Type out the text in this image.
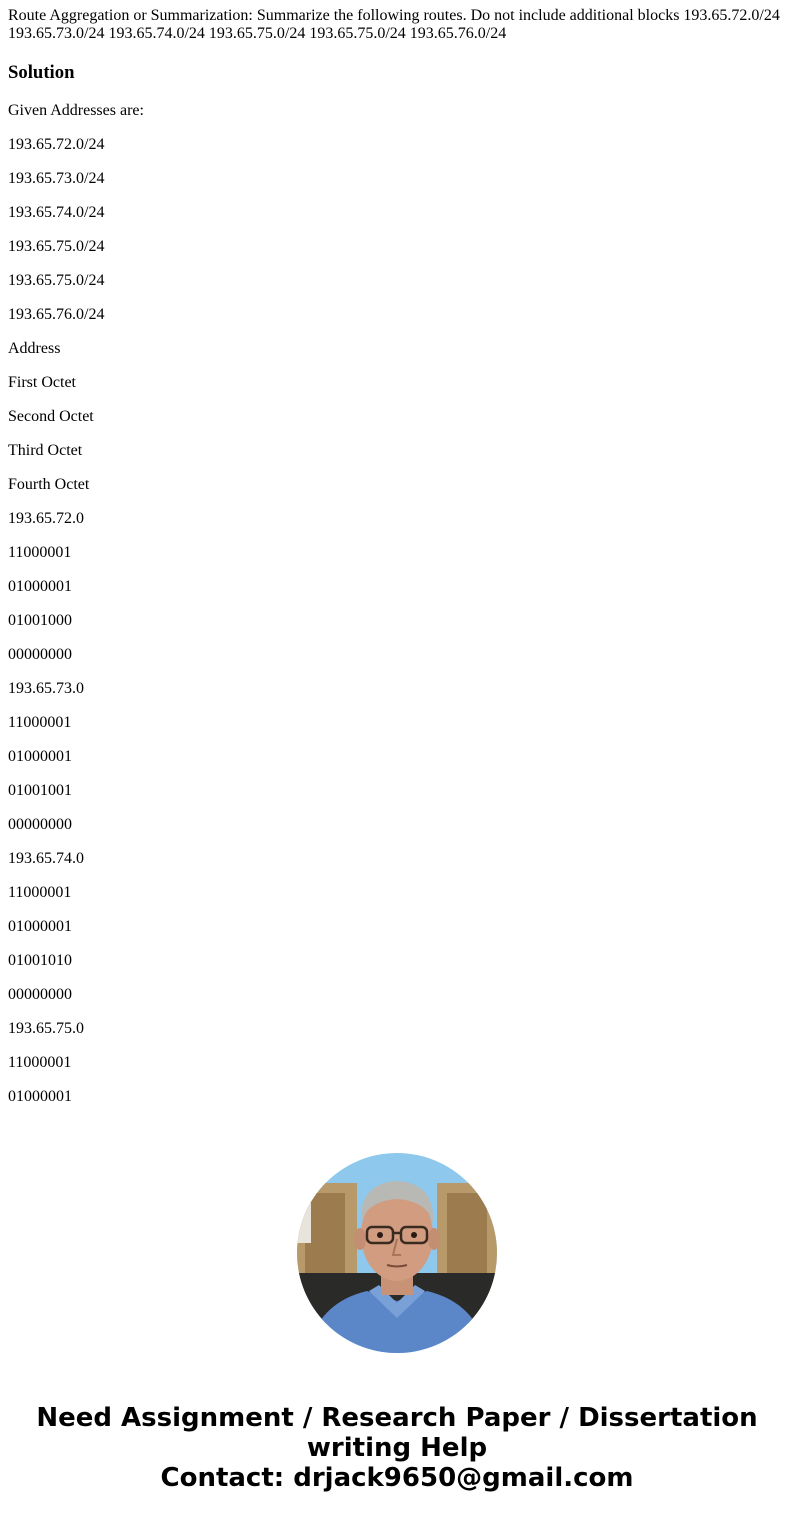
Route Aggregation or Summarization: Summarize the following routes. Do not include additional blocks 193.65.72.0/24 193.65.73.0/24 193.65.74.0/24 193.65.75.0/24 193.65.75.0/24 193.65.76.0/24

Solution
Given Addresses are:
193.65.72.0/24
193.65.73.0/24
193.65.74.0/24
193.65.75.0/24
193.65.75.0/24
193.65.76.0/24
Address
First Octet
Second Octet
Third Octet
Fourth Octet
193.65.72.0
11000001
01000001
01001000
00000000
193.65.73.0
11000001
01000001
01001001
00000000
193.65.74.0
11000001
01000001
01001010
00000000
193.65.75.0
11000001
01000001
Need Assignment / Research Paper / Dissertation
writing Help
Contact: drjack9650@gmail.com
